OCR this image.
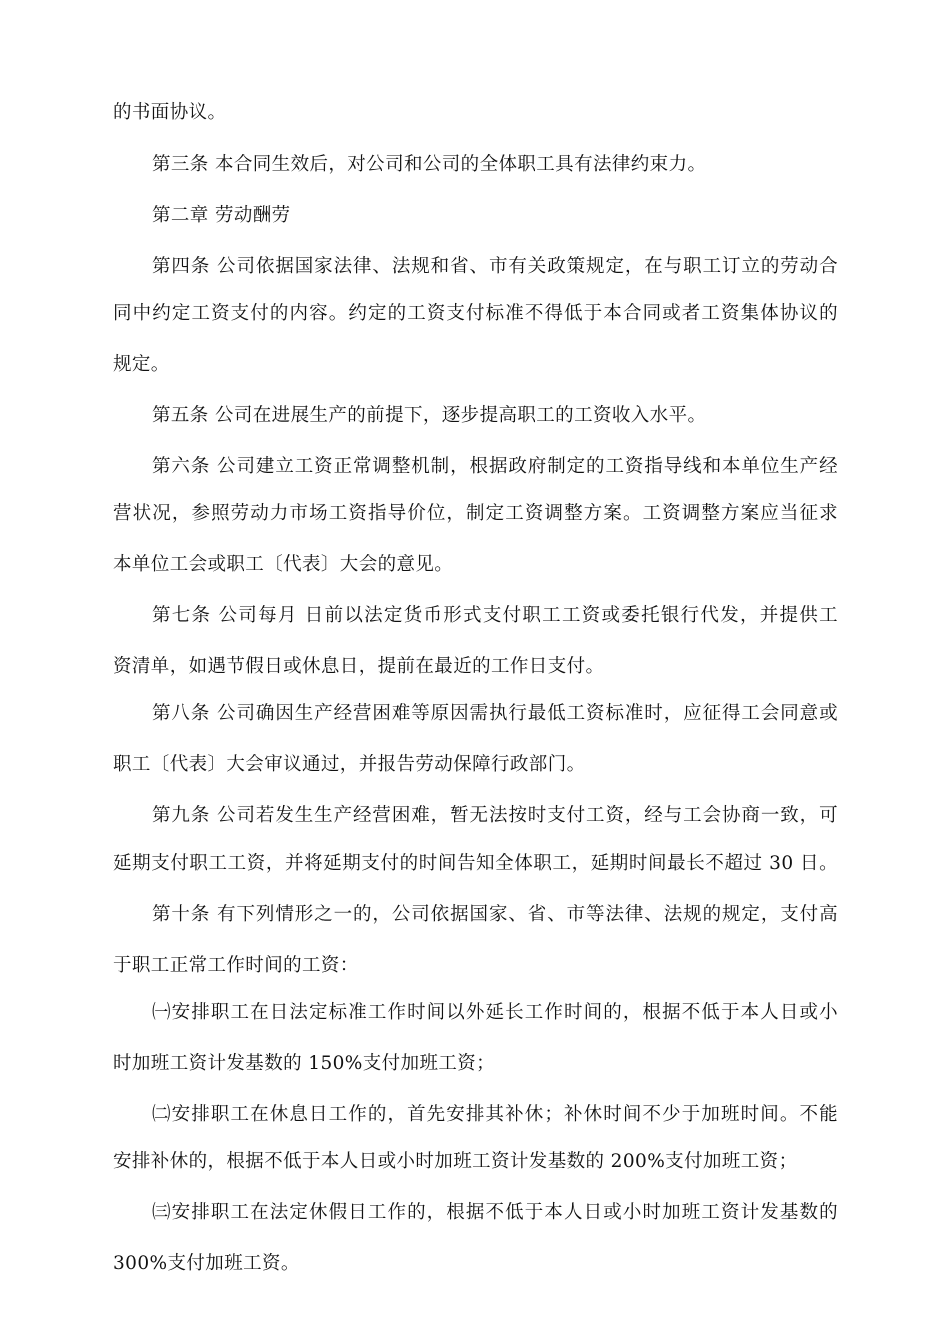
的书面协议。
第三条 本合同生效后，对公司和公司的全体职工具有法律约束力。
第二章 劳动酬劳
第四条 公司依据国家法律、法规和省、市有关政策规定，在与职工订立的劳动合
同中约定工资支付的内容。约定的工资支付标准不得低于本合同或者工资集体协议的
规定。
第五条 公司在进展生产的前提下，逐步提高职工的工资收入水平。
第六条 公司建立工资正常调整机制，根据政府制定的工资指导线和本单位生产经
营状况，参照劳动力市场工资指导价位，制定工资调整方案。工资调整方案应当征求
本单位工会或职工〔代表〕大会的意见。
第七条 公司每月 日前以法定货币形式支付职工工资或委托银行代发，并提供工
资清单，如遇节假日或休息日，提前在最近的工作日支付。
第八条 公司确因生产经营困难等原因需执行最低工资标准时，应征得工会同意或
职工〔代表〕大会审议通过，并报告劳动保障行政部门。
第九条 公司若发生生产经营困难，暂无法按时支付工资，经与工会协商一致，可
延期支付职工工资，并将延期支付的时间告知全体职工，延期时间最长不超过 30 日。
第十条 有下列情形之一的，公司依据国家、省、市等法律、法规的规定，支付高
于职工正常工作时间的工资：
㈠安排职工在日法定标准工作时间以外延长工作时间的，根据不低于本人日或小
时加班工资计发基数的 150%支付加班工资；
㈡安排职工在休息日工作的，首先安排其补休；补休时间不少于加班时间。不能
安排补休的，根据不低于本人日或小时加班工资计发基数的 200%支付加班工资；
㈢安排职工在法定休假日工作的，根据不低于本人日或小时加班工资计发基数的
300%支付加班工资。
